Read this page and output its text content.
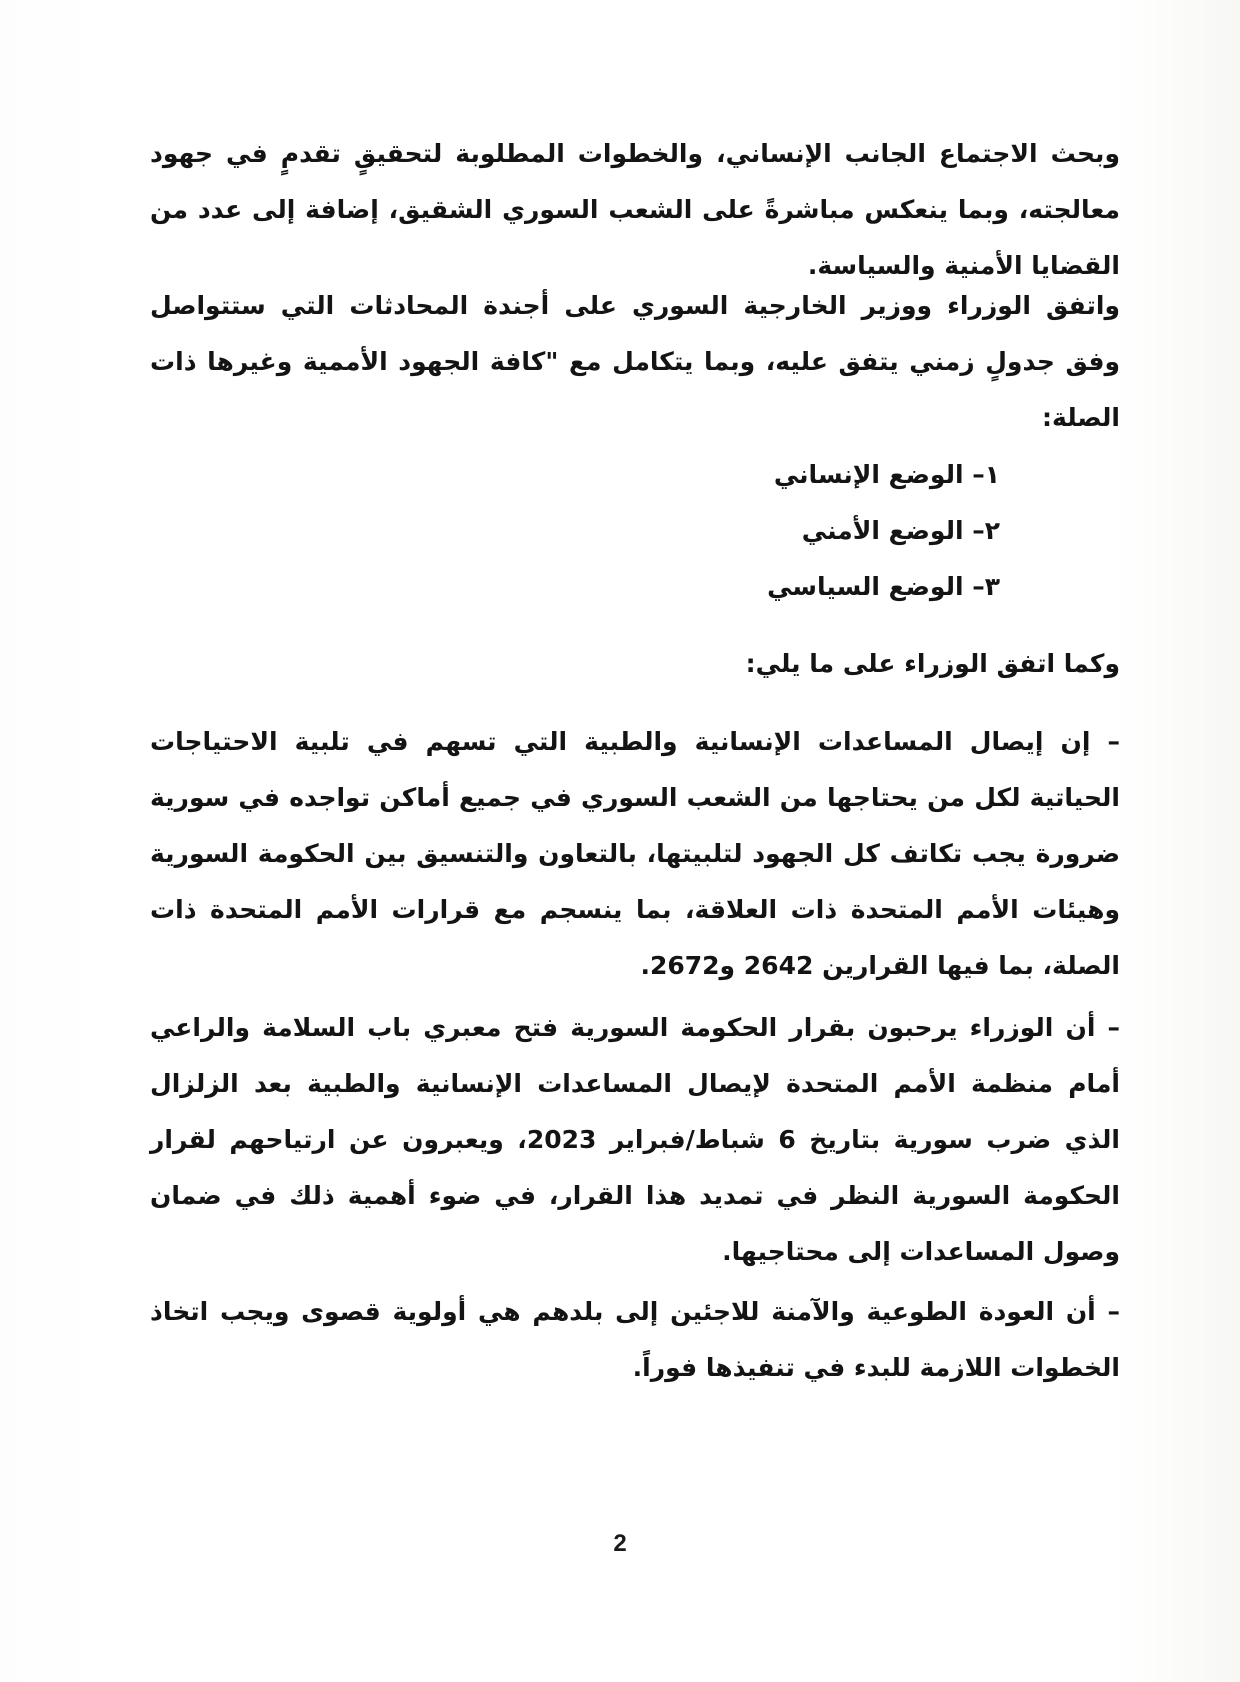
وبحث الاجتماع الجانب الإنساني، والخطوات المطلوبة لتحقيقٍ تقدمٍ في جهود معالجته، وبما ينعكس مباشرةً على الشعب السوري الشقيق، إضافة إلى عدد من القضايا الأمنية والسياسة.

واتفق الوزراء ووزير الخارجية السوري على أجندة المحادثات التي ستتواصل وفق جدولٍ زمني يتفق عليه، وبما يتكامل مع "كافة الجهود الأممية وغيرها ذات الصلة:

١– الوضع الإنساني
٢– الوضع الأمني
٣– الوضع السياسي

وكما اتفق الوزراء على ما يلي:

– إن إيصال المساعدات الإنسانية والطبية التي تسهم في تلبية الاحتياجات الحياتية لكل من يحتاجها من الشعب السوري في جميع أماكن تواجده في سورية ضرورة يجب تكاتف كل الجهود لتلبيتها، بالتعاون والتنسيق بين الحكومة السورية وهيئات الأمم المتحدة ذات العلاقة، بما ينسجم مع قرارات الأمم المتحدة ذات الصلة، بما فيها القرارين 2642 و2672.

– أن الوزراء يرحبون بقرار الحكومة السورية فتح معبري باب السلامة والراعي أمام منظمة الأمم المتحدة لإيصال المساعدات الإنسانية والطبية بعد الزلزال الذي ضرب سورية بتاريخ 6 شباط/فبراير 2023، ويعبرون عن ارتياحهم لقرار الحكومة السورية النظر في تمديد هذا القرار، في ضوء أهمية ذلك في ضمان وصول المساعدات إلى محتاجيها.

– أن العودة الطوعية والآمنة للاجئين إلى بلدهم هي أولوية قصوى ويجب اتخاذ الخطوات اللازمة للبدء في تنفيذها فوراً.

2
